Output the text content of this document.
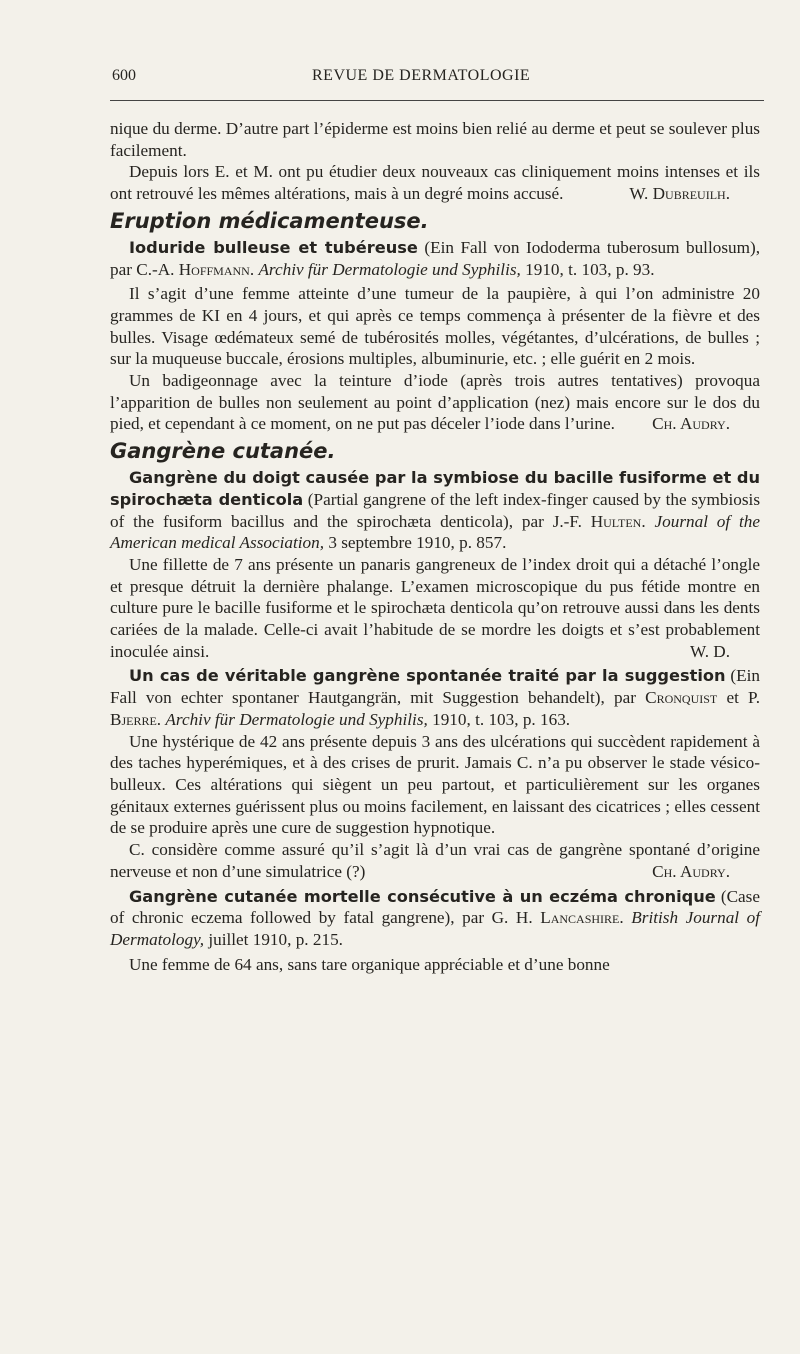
600	REVUE DE DERMATOLOGIE

nique du derme. D’autre part l’épiderme est moins bien relié au derme et peut se soulever plus facilement.

Depuis lors E. et M. ont pu étudier deux nouveaux cas cliniquement moins intenses et ils ont retrouvé les mêmes altérations, mais à un degré moins accusé.	W. Dubreuilh.

Eruption médicamenteuse.

Ioduride bulleuse et tubéreuse (Ein Fall von Iododerma tuberosum bullosum), par C.-A. Hoffmann. Archiv für Dermatologie und Syphilis, 1910, t. 103, p. 93.

Il s’agit d’une femme atteinte d’une tumeur de la paupière, à qui l’on administre 20 grammes de KI en 4 jours, et qui après ce temps commença à présenter de la fièvre et des bulles. Visage œdémateux semé de tubérosités molles, végétantes, d’ulcérations, de bulles ; sur la muqueuse buccale, érosions multiples, albuminurie, etc. ; elle guérit en 2 mois.

Un badigeonnage avec la teinture d’iode (après trois autres tentatives) provoqua l’apparition de bulles non seulement au point d’application (nez) mais encore sur le dos du pied, et cependant à ce moment, on ne put pas déceler l’iode dans l’urine.	Ch. Audry.

Gangrène cutanée.

Gangrène du doigt causée par la symbiose du bacille fusiforme et du spirochæta denticola (Partial gangrene of the left index-finger caused by the symbiosis of the fusiform bacillus and the spirochæta denticola), par J.-F. Hulten. Journal of the American medical Association, 3 septembre 1910, p. 857.

Une fillette de 7 ans présente un panaris gangreneux de l’index droit qui a détaché l’ongle et presque détruit la dernière phalange. L’examen microscopique du pus fétide montre en culture pure le bacille fusiforme et le spirochæta denticola qu’on retrouve aussi dans les dents cariées de la malade. Celle-ci avait l’habitude de se mordre les doigts et s’est probablement inoculée ainsi.	W. D.

Un cas de véritable gangrène spontanée traité par la suggestion (Ein Fall von echter spontaner Hautgangrän, mit Suggestion behandelt), par Cronquist et P. Bjerre. Archiv für Dermatologie und Syphilis, 1910, t. 103, p. 163.

Une hystérique de 42 ans présente depuis 3 ans des ulcérations qui succèdent rapidement à des taches hyperémiques, et à des crises de prurit. Jamais C. n’a pu observer le stade vésico-bulleux. Ces altérations qui siègent un peu partout, et particulièrement sur les organes génitaux externes guérissent plus ou moins facilement, en laissant des cicatrices ; elles cessent de se produire après une cure de suggestion hypnotique.

C. considère comme assuré qu’il s’agit là d’un vrai cas de gangrène spontané d’origine nerveuse et non d’une simulatrice (?)	Ch. Audry.

Gangrène cutanée mortelle consécutive à un eczéma chronique (Case of chronic eczema followed by fatal gangrene), par G. H. Lancashire. British Journal of Dermatology, juillet 1910, p. 215.

Une femme de 64 ans, sans tare organique appréciable et d’une bonne
